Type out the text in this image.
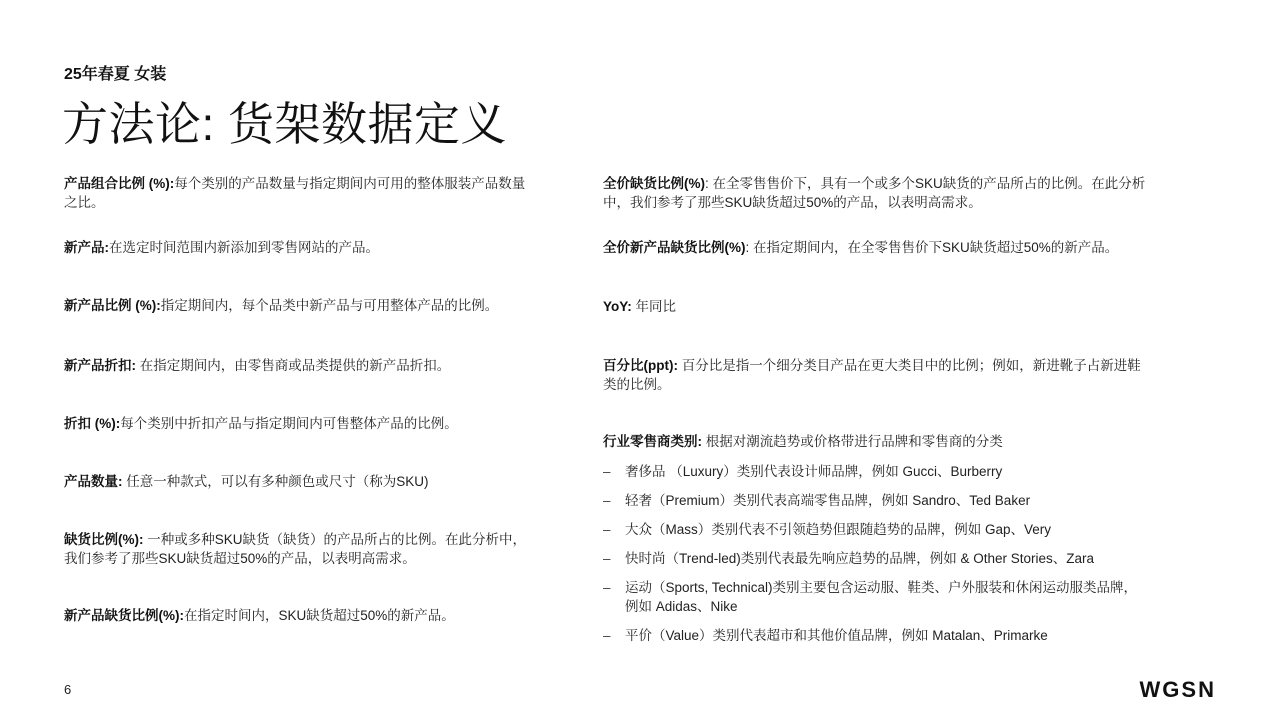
25年春夏 女装
方法论: 货架数据定义
产品组合比例 (%):每个类别的产品数量与指定期间内可用的整体服装产品数量之比。
新产品:在选定时间范围内新添加到零售网站的产品。
新产品比例 (%):指定期间内，每个品类中新产品与可用整体产品的比例。
新产品折扣: 在指定期间内，由零售商或品类提供的新产品折扣。
折扣 (%):每个类别中折扣产品与指定期间内可售整体产品的比例。
产品数量: 任意一种款式，可以有多种颜色或尺寸（称为SKU)
缺货比例(%): 一种或多种SKU缺货（缺货）的产品所占的比例。在此分析中，我们参考了那些SKU缺货超过50%的产品，以表明高需求。
新产品缺货比例(%):在指定时间内，SKU缺货超过50%的新产品。
全价缺货比例(%): 在全零售售价下，具有一个或多个SKU缺货的产品所占的比例。在此分析中，我们参考了那些SKU缺货超过50%的产品，以表明高需求。
全价新产品缺货比例(%): 在指定期间内，在全零售售价下SKU缺货超过50%的新产品。
YoY: 年同比
百分比(ppt): 百分比是指一个细分类目产品在更大类目中的比例；例如，新进靴子占新进鞋类的比例。
行业零售商类别: 根据对潮流趋势或价格带进行品牌和零售商的分类
– 奢侈品 （Luxury）类别代表设计师品牌，例如 Gucci、Burberry
– 轻奢（Premium）类别代表高端零售品牌，例如 Sandro、Ted Baker
– 大众（Mass）类别代表不引领趋势但跟随趋势的品牌，例如 Gap、Very
– 快时尚（Trend-led)类别代表最先响应趋势的品牌，例如 & Other Stories、Zara
– 运动（Sports, Technical)类别主要包含运动服、鞋类、户外服装和休闲运动服类品牌，例如 Adidas、Nike
– 平价（Value）类别代表超市和其他价值品牌，例如 Matalan、Primarke
6	WGSN
